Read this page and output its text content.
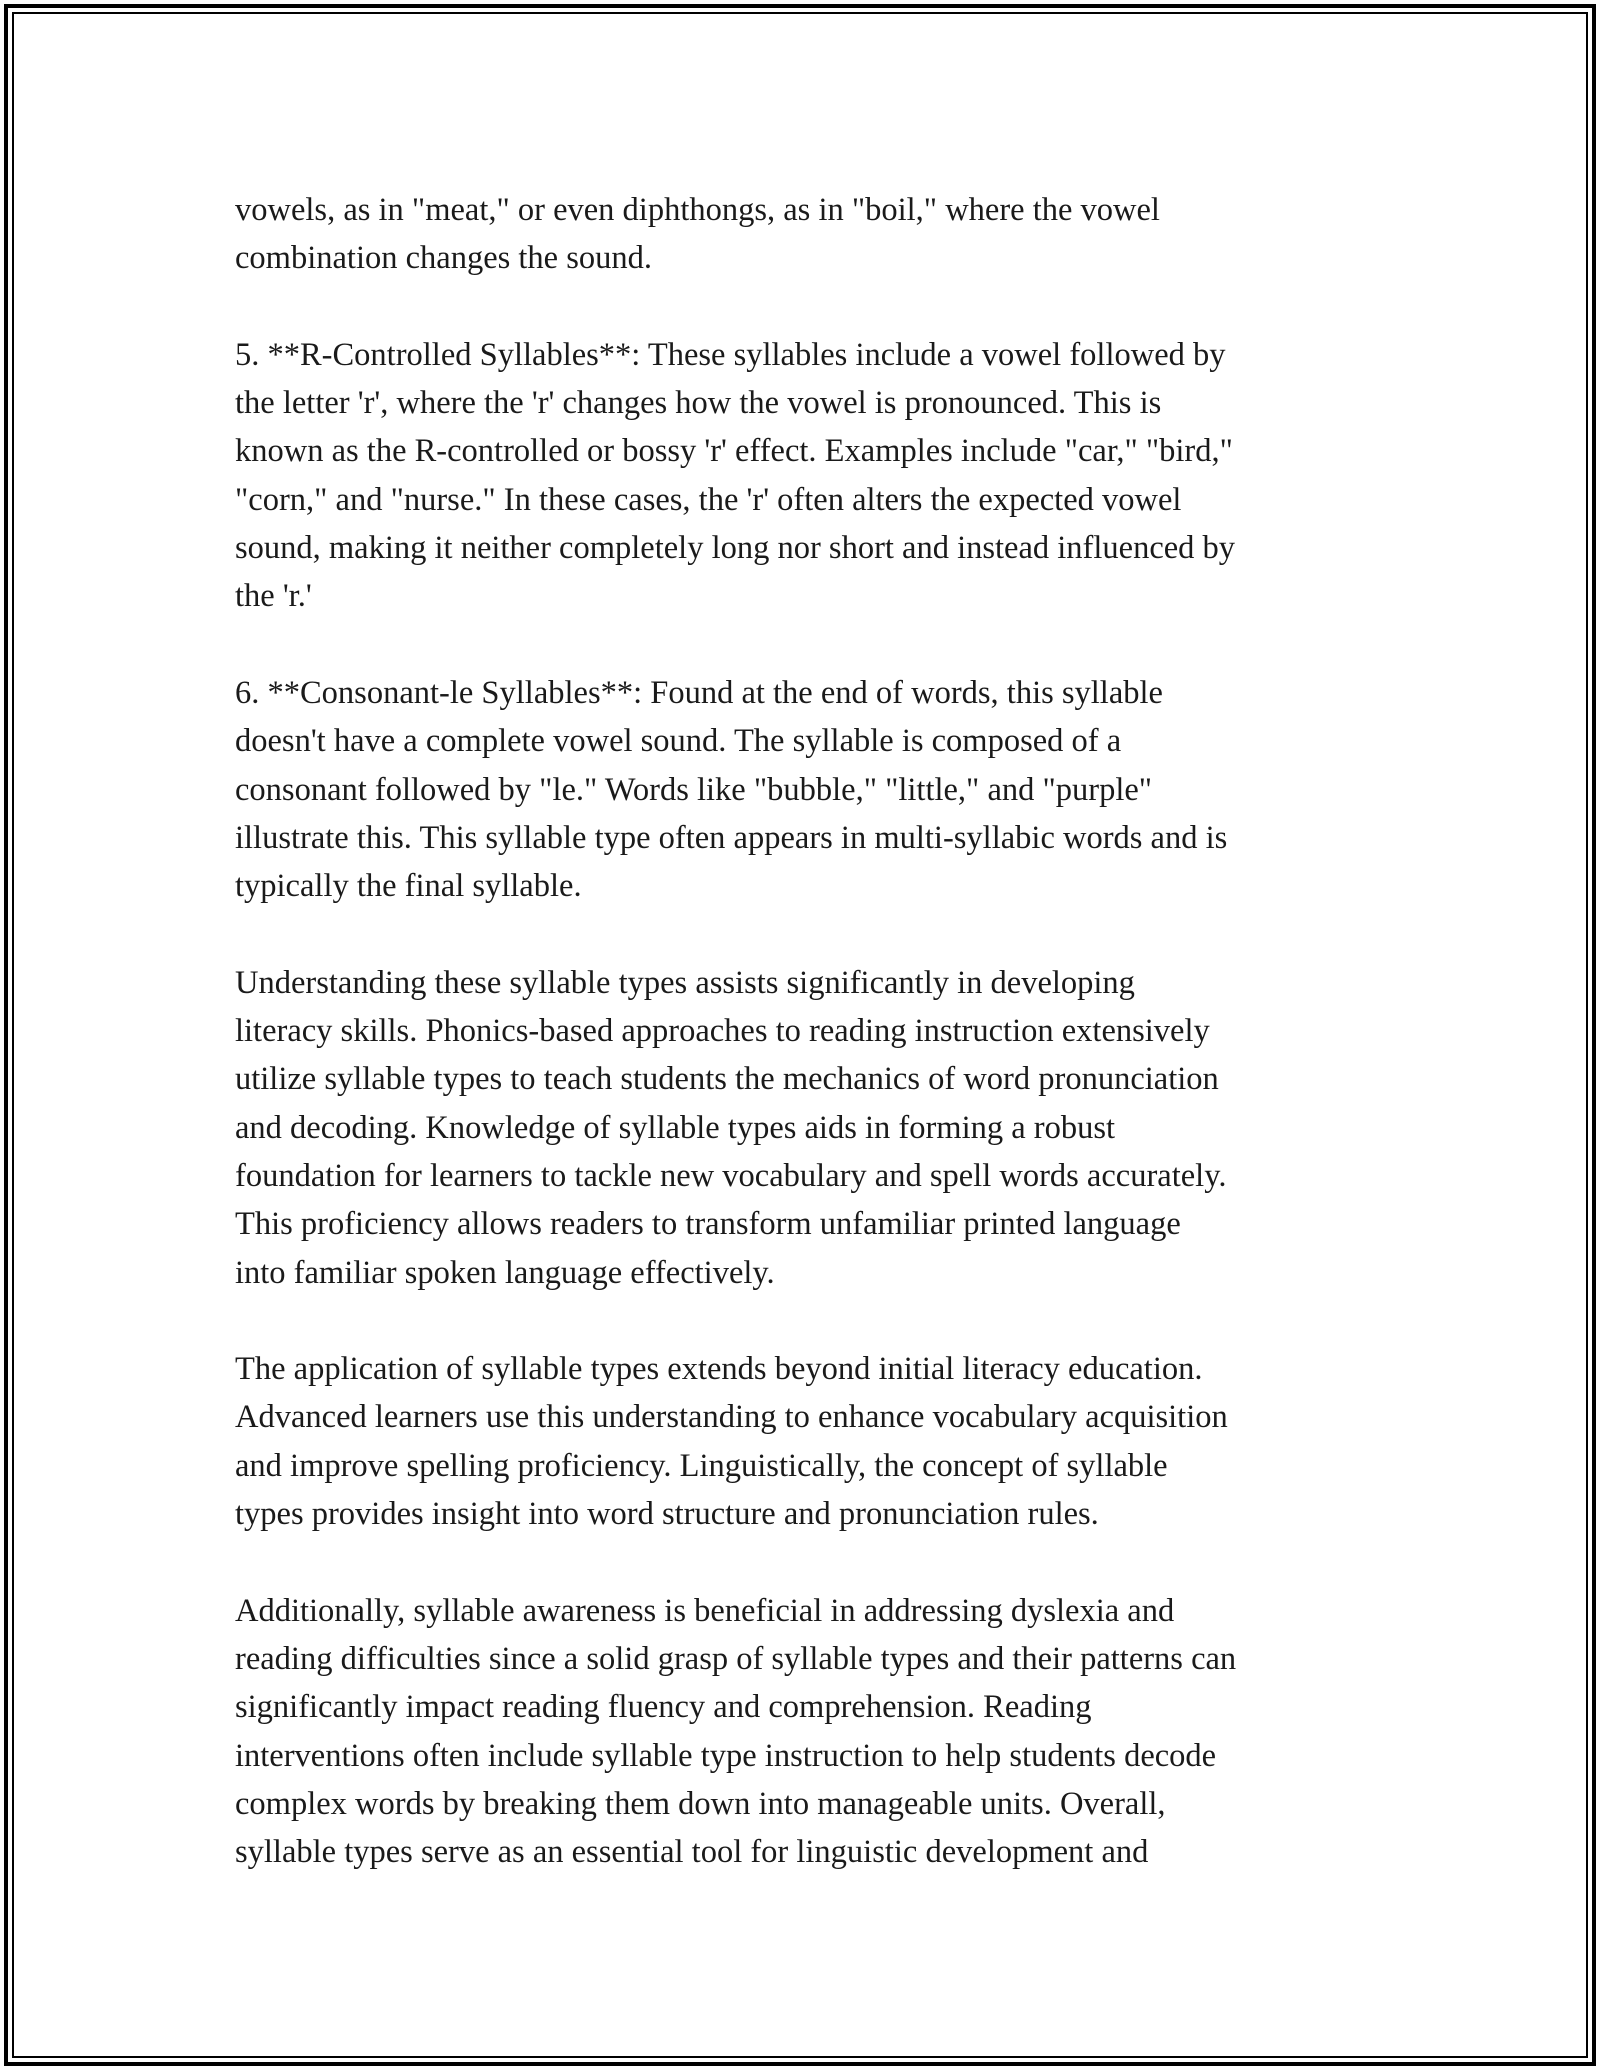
vowels, as in "meat," or even diphthongs, as in "boil," where the vowel
combination changes the sound.

5. **R-Controlled Syllables**: These syllables include a vowel followed by
the letter 'r', where the 'r' changes how the vowel is pronounced. This is
known as the R-controlled or bossy 'r' effect. Examples include "car," "bird,"
"corn," and "nurse." In these cases, the 'r' often alters the expected vowel
sound, making it neither completely long nor short and instead influenced by
the 'r.'

6. **Consonant-le Syllables**: Found at the end of words, this syllable
doesn't have a complete vowel sound. The syllable is composed of a
consonant followed by "le." Words like "bubble," "little," and "purple"
illustrate this. This syllable type often appears in multi-syllabic words and is
typically the final syllable.

Understanding these syllable types assists significantly in developing
literacy skills. Phonics-based approaches to reading instruction extensively
utilize syllable types to teach students the mechanics of word pronunciation
and decoding. Knowledge of syllable types aids in forming a robust
foundation for learners to tackle new vocabulary and spell words accurately.
This proficiency allows readers to transform unfamiliar printed language
into familiar spoken language effectively.

The application of syllable types extends beyond initial literacy education.
Advanced learners use this understanding to enhance vocabulary acquisition
and improve spelling proficiency. Linguistically, the concept of syllable
types provides insight into word structure and pronunciation rules.

Additionally, syllable awareness is beneficial in addressing dyslexia and
reading difficulties since a solid grasp of syllable types and their patterns can
significantly impact reading fluency and comprehension. Reading
interventions often include syllable type instruction to help students decode
complex words by breaking them down into manageable units. Overall,
syllable types serve as an essential tool for linguistic development and
